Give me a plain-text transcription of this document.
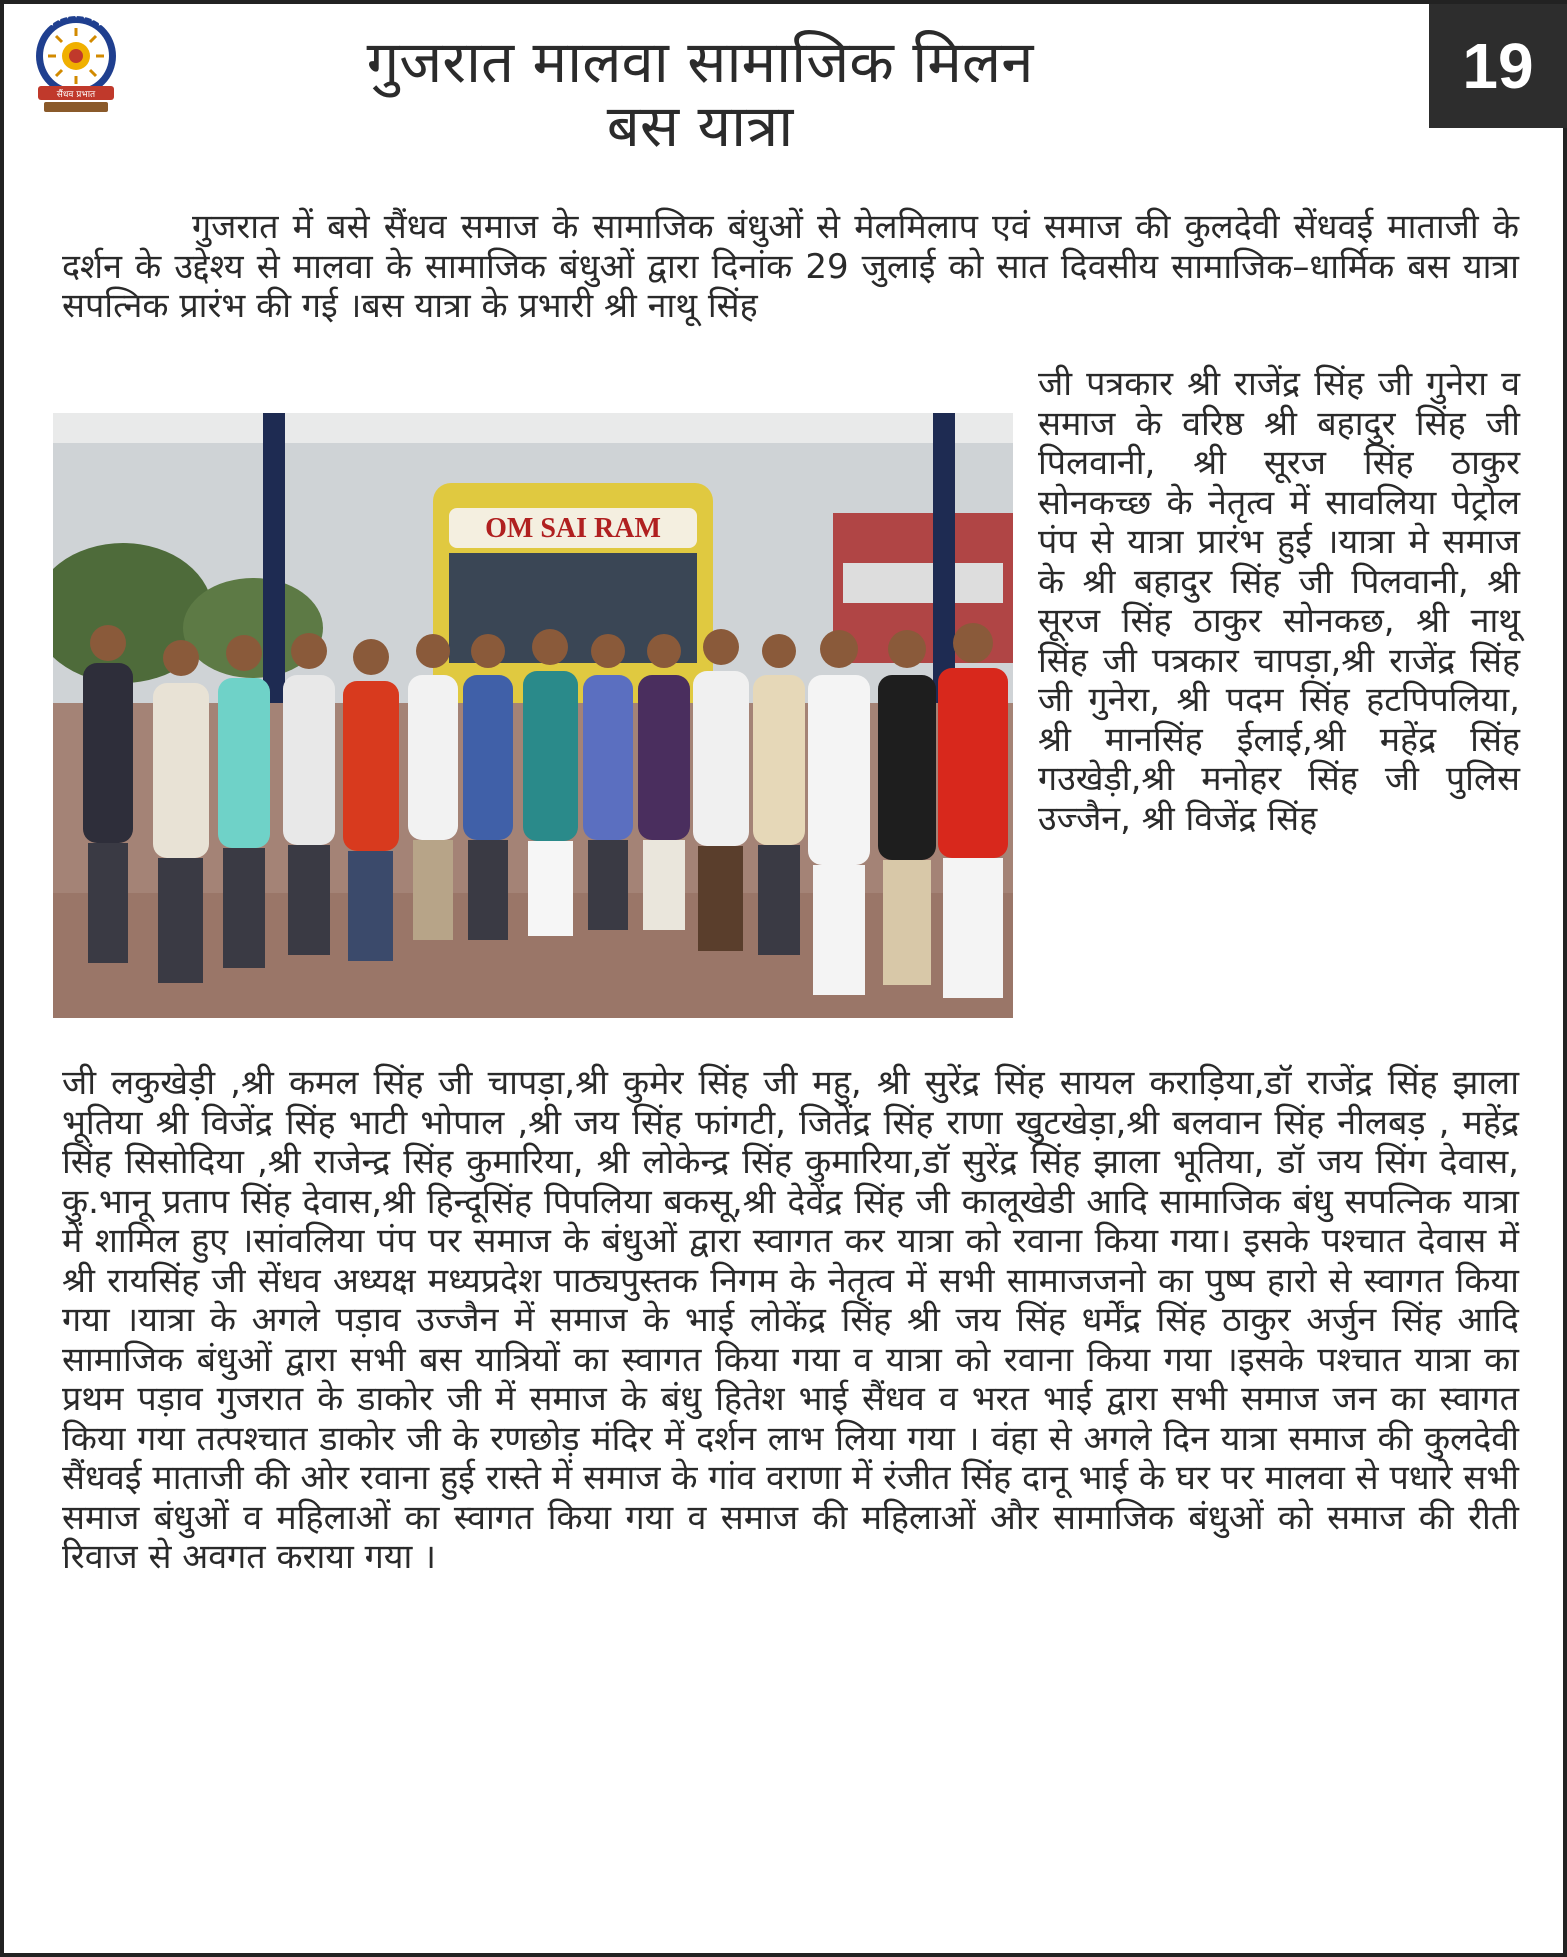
✦ ✦ ✦ ✦ ✦ ✦ ✦
सैंधव प्रभात	गुजरात मालवा सामाजिक मिलन
बस यात्रा
19
गुजरात में बसे सैंधव समाज के सामाजिक बंधुओं से मेलमिलाप एवं समाज की कुलदेवी सेंधवई माताजी के दर्शन के उद्देश्य से मालवा के सामाजिक बंधुओं द्वारा दिनांक 29 जुलाई को सात दिवसीय सामाजिक–धार्मिक बस यात्रा सपत्निक प्रारंभ की गई ।बस यात्रा के प्रभारी श्री नाथू सिंह
OM SAI RAM
जी पत्रकार श्री राजेंद्र सिंह जी गुनेरा व समाज के वरिष्ठ श्री बहादुर सिंह जी पिलवानी, श्री सूरज सिंह ठाकुर सोनकच्छ के नेतृत्व में सावलिया पेट्रोल पंप से यात्रा प्रारंभ हुई ।यात्रा मे समाज के श्री बहादुर सिंह जी पिलवानी, श्री सूरज सिंह ठाकुर सोनकछ, श्री नाथू सिंह जी पत्रकार चापड़ा,श्री राजेंद्र सिंह जी गुनेरा, श्री पदम सिंह हटपिपलिया, श्री मानसिंह ईलाई,श्री महेंद्र सिंह गउखेड़ी,श्री मनोहर सिंह जी पुलिस उज्जैन, श्री विजेंद्र सिंह
जी लकुखेड़ी ,श्री कमल सिंह जी चापड़ा,श्री कुमेर सिंह जी महु, श्री सुरेंद्र सिंह सायल कराड़िया,डॉ राजेंद्र सिंह झाला भूतिया श्री विजेंद्र सिंह भाटी भोपाल ,श्री जय सिंह फांगटी, जितेंद्र सिंह राणा खुटखेड़ा,श्री बलवान सिंह नीलबड़ , महेंद्र सिंह सिसोदिया ,श्री राजेन्द्र सिंह कुमारिया, श्री लोकेन्द्र सिंह कुमारिया,डॉ सुरेंद्र सिंह झाला भूतिया, डॉ जय सिंग देवास, कु.भानू प्रताप सिंह देवास,श्री हिन्दूसिंह पिपलिया बकसू,श्री देवेंद्र सिंह जी कालूखेडी आदि सामाजिक बंधु सपत्निक यात्रा में शामिल हुए ।सांवलिया पंप पर समाज के बंधुओं द्वारा स्वागत कर यात्रा को रवाना किया गया। इसके पश्चात देवास में श्री रायसिंह जी सेंधव अध्यक्ष मध्यप्रदेश पाठ्यपुस्तक निगम के नेतृत्व में सभी सामाजजनो का पुष्प हारो से स्वागत किया गया ।यात्रा के अगले पड़ाव उज्जैन में समाज के भाई लोकेंद्र सिंह श्री जय सिंह धर्मेंद्र सिंह ठाकुर अर्जुन सिंह आदि सामाजिक बंधुओं द्वारा सभी बस यात्रियों का स्वागत किया गया व यात्रा को रवाना किया गया ।इसके पश्चात यात्रा का प्रथम पड़ाव गुजरात के डाकोर जी में समाज के बंधु हितेश भाई सैंधव व भरत भाई द्वारा सभी समाज जन का स्वागत किया गया तत्पश्चात डाकोर जी के रणछोड़ मंदिर में दर्शन लाभ लिया गया । वंहा से अगले दिन यात्रा समाज की कुलदेवी सैंधवई माताजी की ओर रवाना हुई रास्ते में समाज के गांव वराणा में रंजीत सिंह दानू भाई के घर पर मालवा से पधारे सभी समाज बंधुओं व महिलाओं का स्वागत किया गया व समाज की महिलाओं और सामाजिक बंधुओं को समाज की रीती रिवाज से अवगत कराया गया ।
